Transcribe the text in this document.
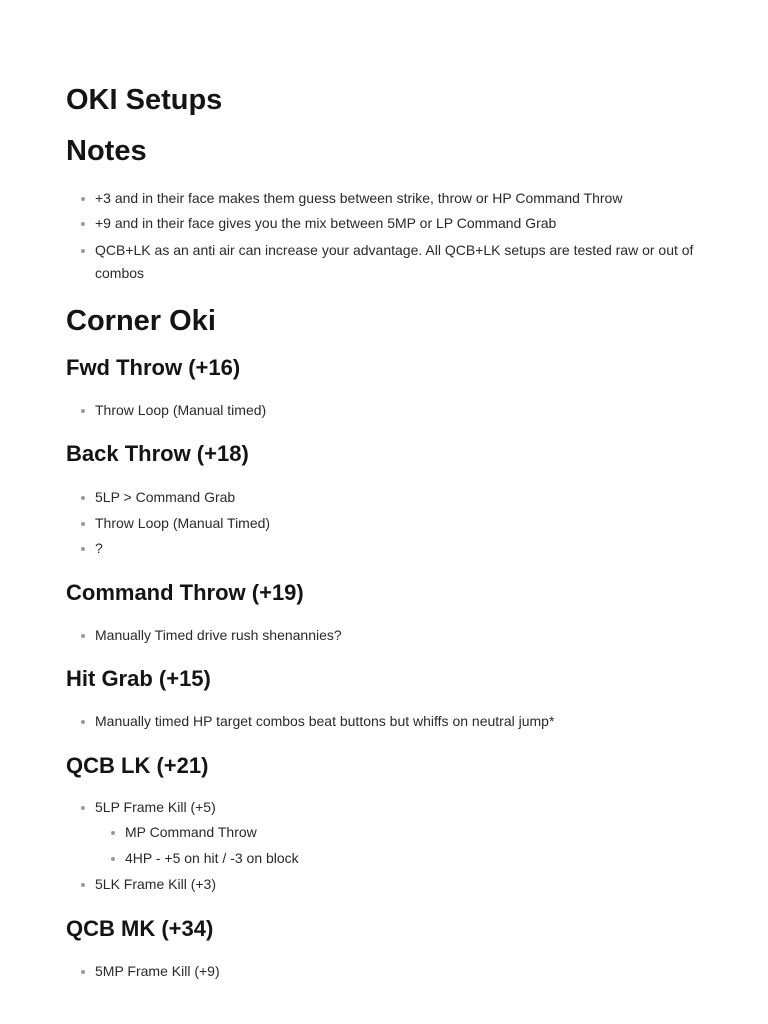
OKI Setups
Notes

+3 and in their face makes them guess between strike, throw or HP Command Throw

+9 and in their face gives you the mix between 5MP or LP Command Grab

QCB+LK as an anti air can increase your advantage. All QCB+LK setups are tested raw or out of combos

Corner Oki
Fwd Throw (+16)

Throw Loop (Manual timed)

Back Throw (+18)

5LP > Command Grab

Throw Loop (Manual Timed)

?

Command Throw (+19)

Manually Timed drive rush shenannies?

Hit Grab (+15)

Manually timed HP target combos beat buttons but whiffs on neutral jump*

QCB LK (+21)

5LP Frame Kill (+5)

MP Command Throw

4HP - +5 on hit / -3 on block

5LK Frame Kill (+3)

QCB MK (+34)

5MP Frame Kill (+9)
